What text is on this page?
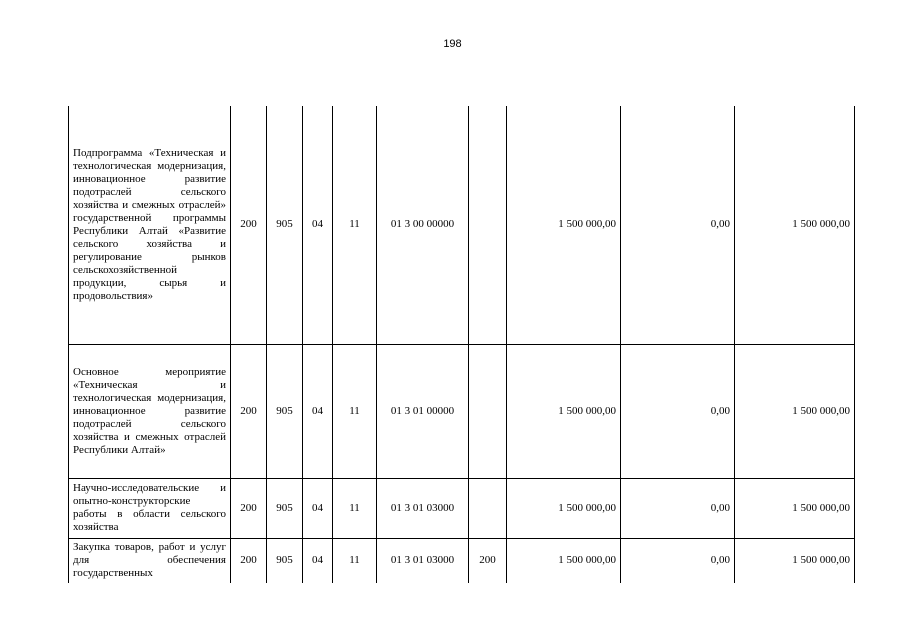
198
Подпрограмма «Техническая и технологическая модернизация, инновационное развитие подотраслей сельского хозяйства и смежных отраслей» государственной программы Республики Алтай «Развитие сельского хозяйства и регулирование рынков сельскохозяйственной продукции, сырья и продовольствия»	200	905	04	11	01 3 00 00000		1 500 000,00	0,00	1 500 000,00
Основное мероприятие «Техническая и технологическая модернизация, инновационное развитие подотраслей сельского хозяйства и смежных отраслей Республики Алтай»	200	905	04	11	01 3 01 00000		1 500 000,00	0,00	1 500 000,00
Научно-исследовательские и опытно-конструкторские работы в области сельского хозяйства	200	905	04	11	01 3 01 03000		1 500 000,00	0,00	1 500 000,00
Закупка товаров, работ и услуг для обеспечения государственных	200	905	04	11	01 3 01 03000	200	1 500 000,00	0,00	1 500 000,00
